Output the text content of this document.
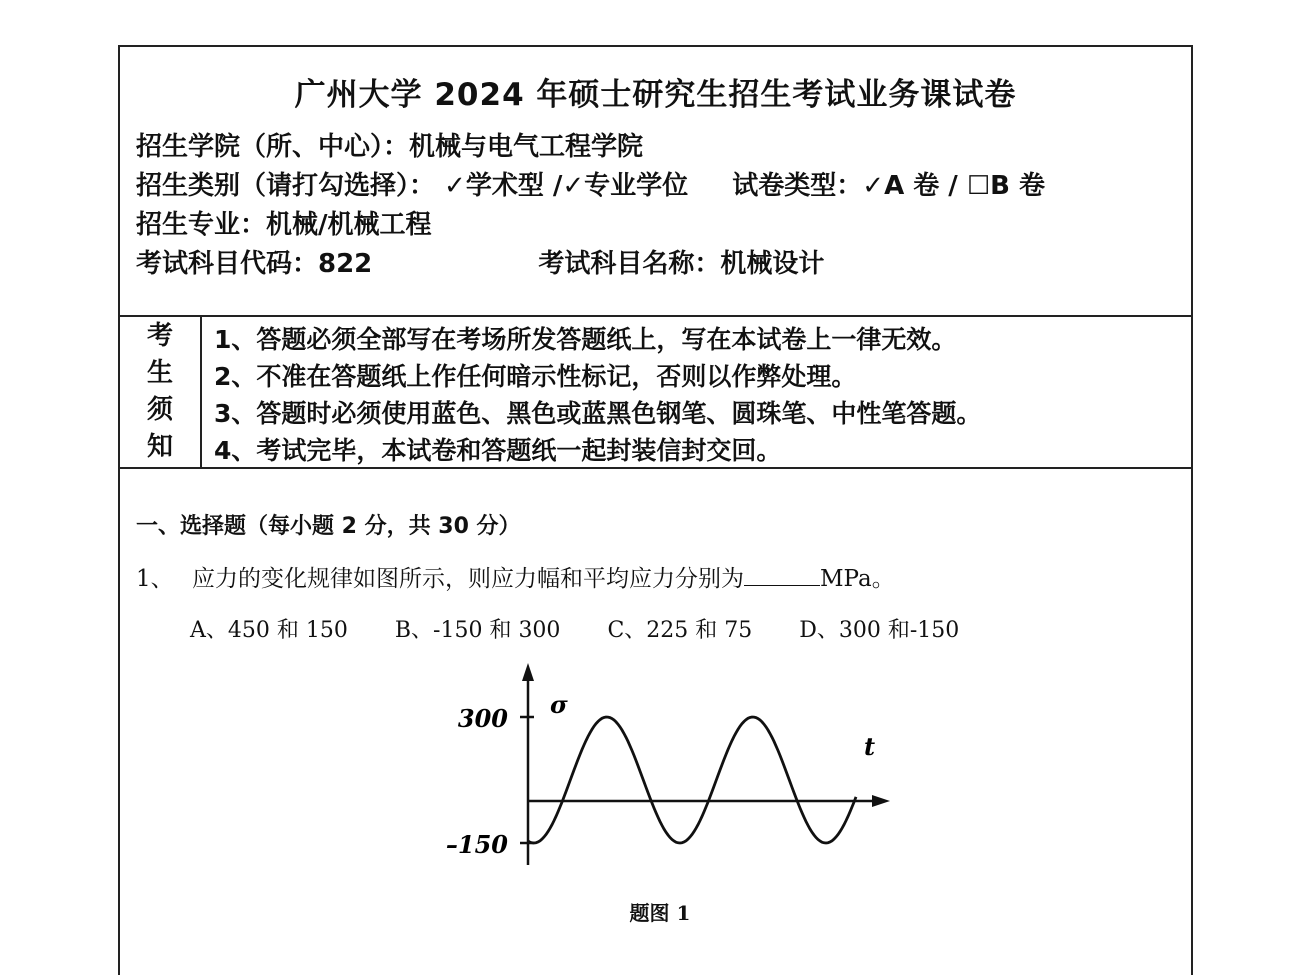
广州大学 2024 年硕士研究生招生考试业务课试卷
招生学院（所、中心）：机械与电气工程学院
招生类别（请打勾选择）： ✓学术型 /✓专业学位 试卷类型：✓A 卷 / ☐B 卷
招生专业：机械/机械工程
考试科目代码：822	考试科目名称：机械设计
考
生
须
知
1、答题必须全部写在考场所发答题纸上，写在本试卷上一律无效。
2、不准在答题纸上作任何暗示性标记，否则以作弊处理。
3、答题时必须使用蓝色、黑色或蓝黑色钢笔、圆珠笔、中性笔答题。
4、考试完毕，本试卷和答题纸一起封装信封交回。
一、选择题（每小题 2 分，共 30 分）
1、 应力的变化规律如图所示，则应力幅和平均应力分别为	MPa。
A、450 和 150 B、-150 和 300 C、225 和 75 D、300 和-150
σ
t
300
–150
题图 1
